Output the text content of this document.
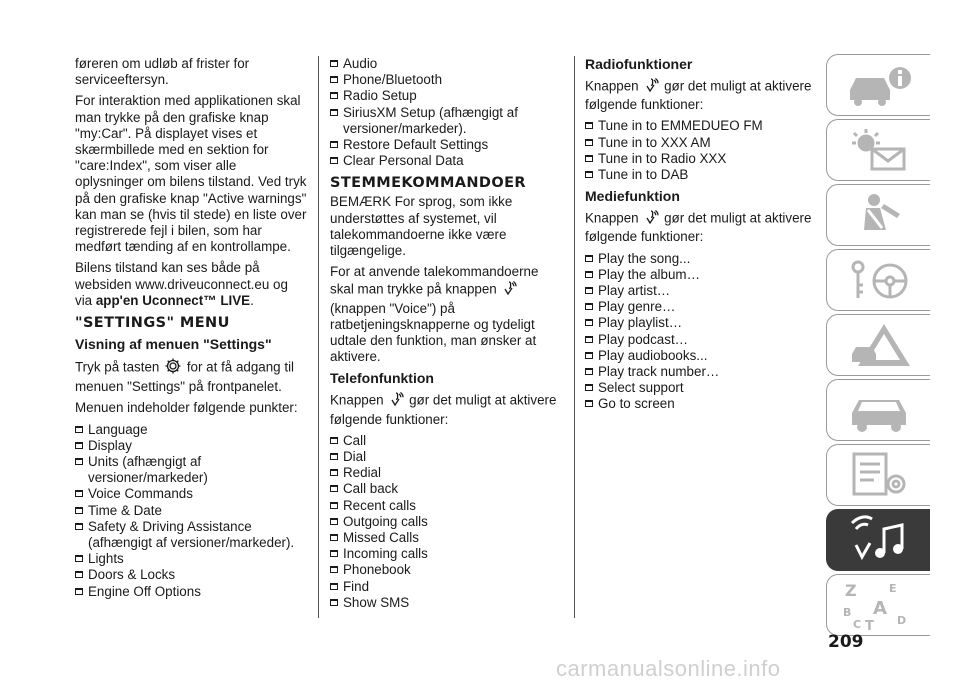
føreren om udløb af frister for serviceeftersyn.

For interaktion med applikationen skal man trykke på den grafiske knap "my:Car". På displayet vises et skærmbillede med en sektion for "care:Index", som viser alle oplysninger om bilens tilstand. Ved tryk på den grafiske knap "Active warnings" kan man se (hvis til stede) en liste over registrerede fejl i bilen, som har medført tænding af en kontrollampe.

Bilens tilstand kan ses både på websiden www.driveuconnect.eu og via app'en Uconnect™ LIVE.

"SETTINGS" MENU
Visning af menuen "Settings"

Tryk på tasten for at få adgang til menuen "Settings" på frontpanelet.

Menuen indeholder følgende punkter:

Language
Display
Units (afhængigt af versioner/markeder)
Voice Commands
Time & Date
Safety & Driving Assistance (afhængigt af versioner/markeder).
Lights
Doors & Locks
Engine Off Options
Audio
Phone/Bluetooth
Radio Setup
SiriusXM Setup (afhængigt af versioner/markeder).
Restore Default Settings
Clear Personal Data
STEMMEKOMMANDOER

BEMÆRK For sprog, som ikke understøttes af systemet, vil talekommandoerne ikke være tilgængelige.

For at anvende talekommandoerne skal man trykke på knappen  (knappen "Voice") på ratbetjeningsknapperne og tydeligt udtale den funktion, man ønsker at aktivere.

Telefonfunktion

Knappen gør det muligt at aktivere følgende funktioner:

Call
Dial
Redial
Call back
Recent calls
Outgoing calls
Missed Calls
Incoming calls
Phonebook
Find
Show SMS
Radiofunktioner

Knappen gør det muligt at aktivere følgende funktioner:

Tune in to EMMEDUEO FM
Tune in to XXX AM
Tune in to Radio XXX
Tune in to DAB
Mediefunktion

Knappen gør det muligt at aktivere følgende funktioner:

Play the song...
Play the album…
Play artist…
Play genre…
Play playlist…
Play podcast…
Play audiobooks...
Play track number…
Select support
Go to screen
Z	E
B A
C T D
209
carmanualsonline.info
